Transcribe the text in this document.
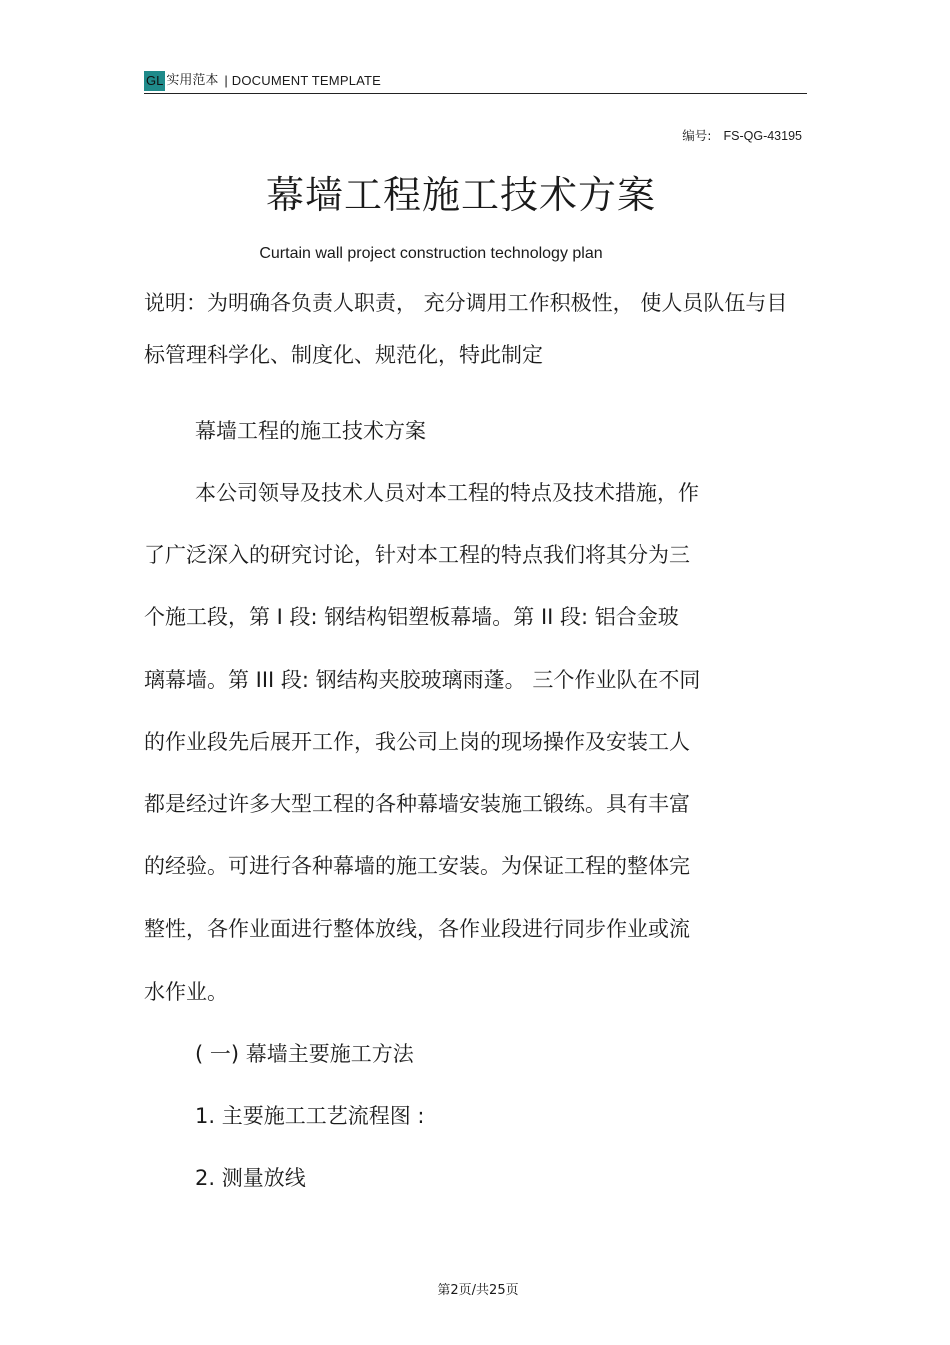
GL 实用范本 | DOCUMENT TEMPLATE
编号: FS-QG-43195
幕墙工程施工技术方案
Curtain wall project construction technology plan
说明：为明确各负责人职责， 充分调用工作积极性， 使人员队伍与目
标管理科学化、制度化、规范化，特此制定
幕墙工程的施工技术方案
本公司领导及技术人员对本工程的特点及技术措施，作
了广泛深入的研究讨论，针对本工程的特点我们将其分为三
个施工段，第 I 段: 钢结构铝塑板幕墙。第 II 段: 铝合金玻
璃幕墙。第 III 段: 钢结构夹胶玻璃雨蓬。 三个作业队在不同
的作业段先后展开工作，我公司上岗的现场操作及安装工人
都是经过许多大型工程的各种幕墙安装施工锻练。具有丰富
的经验。可进行各种幕墙的施工安装。为保证工程的整体完
整性，各作业面进行整体放线，各作业段进行同步作业或流
水作业。
( 一) 幕墙主要施工方法
1. 主要施工工艺流程图 :
2. 测量放线
第2页/共25页
